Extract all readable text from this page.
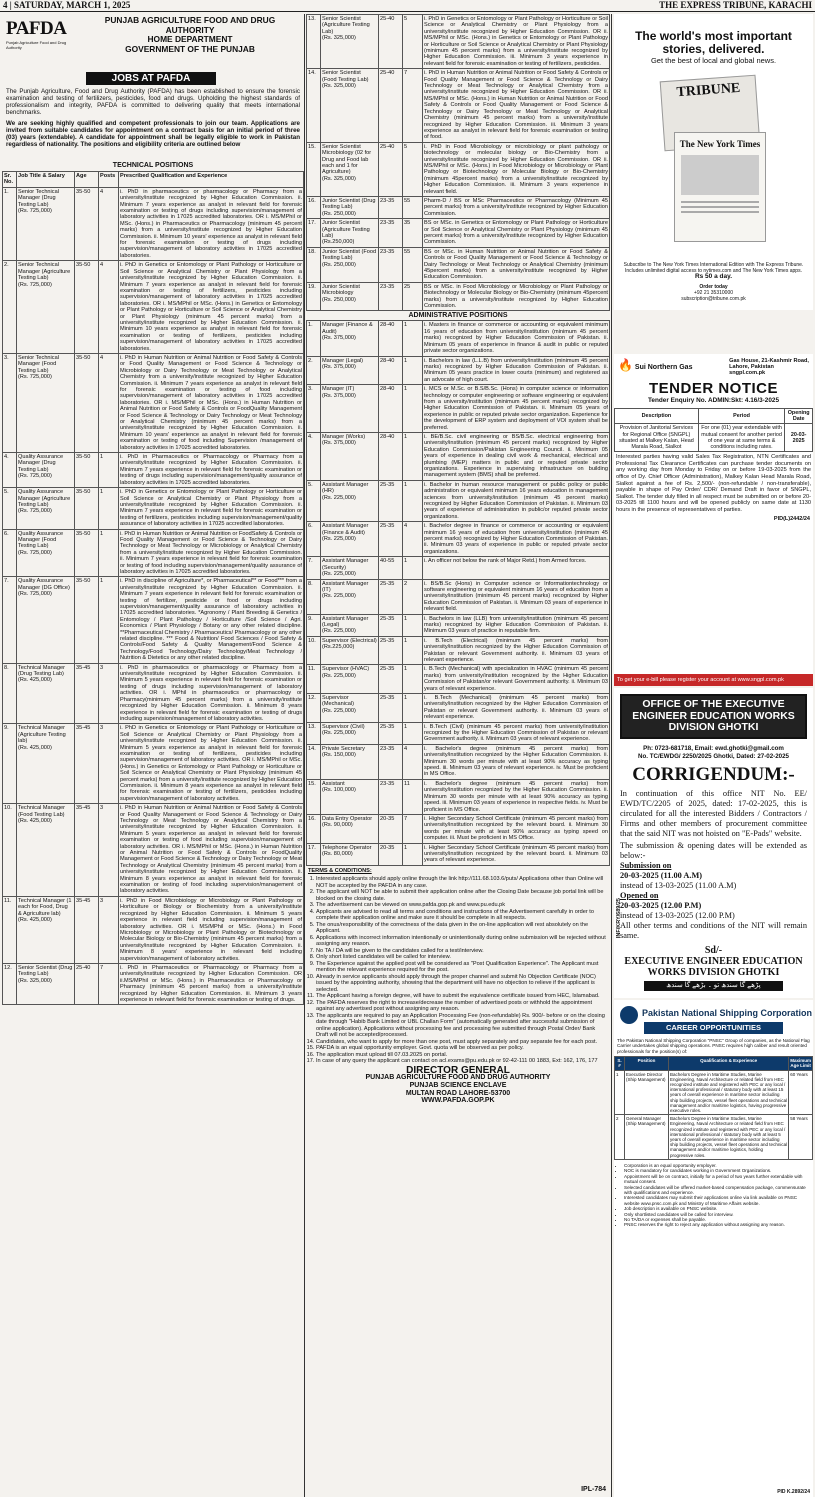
4 | SATURDAY, MARCH 1, 2025	THE EXPRESS TRIBUNE, KARACHI
PAFDA
Punjab Agriculture Food and Drug Authority
PUNJAB AGRICULTURE FOOD AND DRUG
AUTHORITY
HOME DEPARTMENT
GOVERNMENT OF THE PUNJAB
JOBS AT PAFDA

The Punjab Agriculture, Food and Drug Authority (PAFDA) has been established to ensure the forensic examination and testing of fertilizers, pesticides, food and drugs. Upholding the highest standards of professionalism and integrity, PAFDA is committed to delivering quality that meets international benchmarks.

We are seeking highly qualified and competent professionals to join our team. Applications are invited from suitable candidates for appointment on a contract basis for an initial period of three (03) years (extendable). A candidate for appointment shall be legally eligible to work in Pakistan regardless of nationality. The positions and eligibility criteria are outlined below

TECHNICAL POSITIONS
Sr. No.	Job Title & Salary	Age	Posts	Prescribed Qualification and Experience
1.	Senior Technical Manager (Drug Testing Lab)
(Rs. 725,000)	35-50	4	i. PhD in pharmaceutics or pharmacology or Pharmacy from a university/institute recognized by Higher Education Commission. ii. Minimum 7 years experience as analyst in relevant field for forensic examination or testing of drugs including supervision/management of laboratory activities in 17025 accredited laboratories. OR i. MS/MPhil or MSc. (Hons.) in Pharmaceutics or Pharmacology (minimum 45 percent marks) from a university/institute recognized by Higher Education Commission. ii. Minimum 10 years' experience as analyst in relevant field for forensic examination or testing of drugs including supervision/management of laboratory activities in 17025 accredited laboratories.
2.	Senior Technical Manager (Agriculture Testing Lab)
(Rs. 725,000)	35-50	4	i. PhD in Genetics or Entomology or Plant Pathology or Horticulture or Soil Science or Analytical Chemistry or Plant Physiology from a university/institute recognized by Higher Education Commission. ii. Minimum 7 years experience as analyst in relevant field for forensic examination or testing of fertilizers, pesticides including supervision/management of laboratory activities in 17025 accredited laboratories. OR i. MS/MPhil or MSc. (Hons.) in Genetics or Entomology or Plant Pathology or Horticulture or Soil Science or Analytical Chemistry or Plant Physiology (minimum 45 percent marks) from a university/institute recognized by Higher Education Commission. ii. Minimum 10 years experience as analyst in relevant field for forensic examination or testing of fertilizers, pesticides including supervision/management of laboratory activities in 17025 accredited laboratories.
3.	Senior Technical Manager (Food Testing Lab)
(Rs. 725,000)	35-50	4	i. PhD in Human Nutrition or Animal Nutrition or Food Safety & Controls or Food Quality Management or Food Science & Technology or Microbiology or Dairy Technology or Meat Technology or Analytical Chemistry from a university/institute recognized by Higher Education Commission. ii. Minimum 7 years experience as analyst in relevant field for forensic examination or testing of food including supervision/management of laboratory activities in 17025 accredited laboratories. OR i. MS/MPhil or MSc. (Hons.) in Human Nutrition or Animal Nutrition or Food Safety & Controls or FoodQuality Management or Food Science & Technology or Dairy Technology or Meat Technology or Analytical Chemistry (minimum 45 percent marks) from a university/institute recognized by Higher Education Commission. ii. Minimum 10 years' experience as analyst in relevant field for forensic examination or testing of food including Supervision /management of laboratory activities in 17025 accredited laboratories.
4.	Quality Assurance Manager (Drug Testing Lab)
(Rs. 725,000)	35-50	1	i. PhD in Pharmaceutics or Pharmacology or Pharmacy from a university/institute recognized by Higher Education Commission. ii. Minimum 7 years experience in relevant field for forensic examination or testing of drugs including supervision/management/quality assurance of laboratory activities in 17025 accredited laboratories.
5.	Quality Assurance Manager (Agriculture Testing Lab)
(Rs. 725,000)	35-50	1	i. PhD in Genetics or Entomology or Plant Pathology or Horticulture or Soil Science or Analytical Chemistry or Plant Physiology from a university/institute recognized by Higher Education Commission. ii. Minimum 7 years experience in relevant field for forensic examination or testing of fertilizers, pesticides including supervision/management/quality assurance of laboratory activities in 17025 accredited laboratories.
6.	Quality Assurance Manager (Food Testing Lab)
(Rs. 725,000)	35-50	1	i. PhD in Human Nutrition or Animal Nutrition or FoodSafety & Controls or Food Quality Management or Food Science & Technology or Dairy Technology or Meat Technology or Microbiology or Analytical Chemistry from a university/institute recognized by Higher Education Commission. ii. Minimum 7 years experience in relevant field for forensic examination or testing of food including supervision/management/quality assurance of laboratory activities in 17025 accredited laboratories.
7.	Quality Assurance Manager (DG Office)
(Rs. 725,000)	35-50	1	i. PhD in discipline of Agriculture*, or Pharmaceutical** or Food*** from a university/institute recognized by Higher Education Commission. ii. Minimum 7 years experience in relevant field for forensic examination or testing of fertilizer, pesticide or food or drugs including supervision/management/quality assurance of laboratory activities in 17025 accredited laboratories. *Agronomy / Plant Breeding & Genetics / Entomology / Plant Pathology / Horticulture /Soil Science / Agri. Economics / Plant Physiology / Botany or any other related discipline. **Pharmaceutical Chemistry / Pharmaceutics/ Pharmacology or any other related discipline. *** Food & Nutrition/ Food Sciences / Food Safety & Controls/Food Safety & Quality Management/Food Science & Technology/Food Technology/Dairy Technology/Meat Technology / Nutrition & Dietetics or any other related discipline.
8.	Technical Manager (Drug Testing Lab)
(Rs. 425,000)	35-45	3	i. PhD in pharmaceutics or pharmacology or Pharmacy from a university/institute recognized by Higher Education Commission. ii. Minimum 5 years experience in relevant field for forensic examination or testing of drugs including supervision/management of laboratory activities. OR i. MPhil in pharmaceutics or pharmacology or Pharmacy(minimum 45 percent marks) from a university/institute recognized by Higher Education Commission. ii. Minimum 8 years experience in relevant field for forensic examination or testing of drugs including supervision/management of laboratory activities.
9.	Technical Manager (Agriculture Testing lab)
(Rs. 425,000)	35-45	3	i. PhD in Genetics or Entomology or Plant Pathology or Horticulture or Soil Science or Analytical Chemistry or Plant Physiology from a university/institute recognized by Higher Education Commission. ii. Minimum 5 years experience as analyst in relevant field for forensic examination or testing of fertilizers, pesticides including supervision/management of laboratory activities. OR i. MS/MPhil or MSc. (Hons.) in Genetics or Entomology or Plant Pathology or Horticulture or Soil Science or Analytical Chemistry or Plant Physiology (minimum 45 percent marks) from a university/institute recognized by Higher Education Commission. ii. Minimum 8 years experience as analyst in relevant field for forensic examination or testing of fertilizers, pesticides including supervision/management of laboratory activities.
10.	Technical Manager (Food Testing Lab)
(Rs. 425,000)	35-45	3	i. PhD in Human Nutrition or Animal Nutrition or Food Safety & Controls or Food Quality Management or Food Science & Technology or Dairy Technology or Meat Technology or Analytical Chemistry from a university/institute recognized by Higher Education Commission. ii. Minimum 5 years experience as analyst in relevant field for forensic examination or testing of food including supervision/management of laboratory activities. OR i. MS/MPhil or MSc. (Hons.) in Human Nutrition or Animal Nutrition or Food Safety & Controls or FoodQuality Management or Food Science & Technology or Dairy Technology or Meat Technology or Analytical Chemistry (minimum 45 percent marks) from a university/institute recognized by Higher Education Commission. ii. Minimum 8 years experience as analyst in relevant field for forensic examination or testing of food including supervision/management of laboratory activities.
11.	Technical Manager (1 each for Food, Drug & Agriculture lab)
(Rs. 425,000)	35-45	3	i. PhD in Food Microbiology or Microbiology or Plant Pathology or Horticulture or Biology or Biochemistry from a university/institute recognized by Higher Education Commission. ii. Minimum 5 years experience in relevant field including supervision/management of laboratory activities. OR i. MS/MPhil or MSc. (Hons.) in Food Microbiology or Microbiology or Plant Pathology or Biotechnology or Molecular Biology or Bio-Chemistry (minimum 45 percent marks) from a university/institute recognized by Higher Education Commission. ii. Minimum 8 years' experience in relevant field including supervision/management of laboratory activities.
12.	Senior Scientist (Drug Testing Lab)
(Rs. 325,000)	25-40	7	i. PhD in Pharmaceutics or Pharmacology or Pharmacy from a university/institute recognized by Higher Education Commission. OR ii.MS/MPhil or MSc. (Hons.) in Pharmaceutics or Pharmacology or Pharmacy (minimum 45 percent marks) from a university/institute recognized by Higher Education Commission. iii. Minimum 3 years experience in relevant field for forensic examination or testing of drugs.
13.	Senior Scientist (Agriculture Testing Lab)
(Rs. 325,000)	25-40	5	i. PhD in Genetics or Entomology or Plant Pathology or Horticulture or Soil Science or Analytical Chemistry or Plant Physiology from a university/institute recognized by Higher Education Commission. OR ii. MS/MPhil or MSc. (Hons.) in Genetics or Entomology or Plant Pathology or Horticulture or Soil Science or Analytical Chemistry or Plant Physiology (minimum 45 percent marks) from a university/institute recognized by Higher Education Commission. iii. Minimum 3 years experience in relevant field for forensic examination or testing of fertilizers, pesticides.
14.	Senior Scientist (Food Testing Lab)
(Rs. 325,000)	25-40	7	i. PhD in Human Nutrition or Animal Nutrition or Food Safety & Controls or Food Quality Management or Food Science & Technology or Dairy Technology or Meat Technology or Analytical Chemistry from a university/institute recognized by Higher Education Commission. OR ii. MS/MPhil or MSc. (Hons.) in Human Nutrition or Animal Nutrition or Food Safety & Controls or Food Quality Management or Food Science & Technology or Dairy Technology or Meat Technology or Analytical Chemistry (minimum 45 percent marks) from a university/institute recognized by Higher Education Commission. iii. Minimum 3 years experience as analyst in relevant field for forensic examination or testing of food.
15.	Senior Scientist Microbiology (02 for Drug and Food lab each and 1 for Agriculture)
(Rs. 325,000)	25-40	5	i. PhD in Food Microbiology or microbiology or plant pathology or biotechnology or molecular biology or Bio-Chemistry from a university/institute recognized by Higher Education Commission. OR ii. MS/MPhil or MSc. (Hons.) in Food Microbiology or Microbiology or Plant Pathology or Biotechnology or Molecular Biology or Bio-Chemistry (minimum 45percent marks) from a university/institute recognized by Higher Education Commission. iii. Minimum 3 years experience in relevant field.
16.	Junior Scientist (Drug Testing Lab)
(Rs. 250,000)	23-35	55	Pharm-D / BS or MSc Pharmaceutics or Pharmacology (Minimum 45 percent marks) from a university/institute recognized by Higher Education Commission.
17.	Junior Scientist (Agriculture Testing Lab)
(Rs.250,000)	23-35	35	BS or MSc. in Genetics or Entomology or Plant Pathology or Horticulture or Soil Science or Analytical Chemistry or Plant Physiology (minimum 45 percent marks) from a university/institute recognized by Higher Education Commission.
18.	Junior Scientist (Food Testing Lab)
(Rs. 250,000)	23-35	55	BS or MSc. in Human Nutrition or Animal Nutrition or Food Safety & Controls or Food Quality Management or Food Science & Technology or Dairy Technology or Meat Technology or Analytical Chemistry (minimum 45percent marks) from a university/institute recognized by Higher Education Commission.
19.	Junior Scientist Microbiology
(Rs. 250,000)	23-35	25	BS or MSc. in Food Microbiology or Microbiology or Plant Pathology or Biotechnology or Molecular Biology or Bio-Chemistry (minimum 45percent marks) from a university/institute recognized by Higher Education Commission.
ADMINISTRATIVE POSITIONS
1.	Manager (Finance & Audit)
(Rs. 375,000)	28-40	1	i. Masters in finance or commerce or accounting or equivalent minimum 16 years of education from university/institution (minimum 45 percent marks) recognized by Higher Education Commission of Pakistan. ii. Minimum 05 years of experience in finance & audit in public or reputed private sector organizations.
2.	Manager (Legal)
(Rs. 375,000)	28-40	1	i. Bachelors in law (L.L.B) from university/institution (minimum 45 percent marks) recognized by Higher Education Commission of Pakistan. ii. Minimum 05 years practice in lower courts (minimum) and registered as an advocate of high court.
3.	Manager (IT)
(Rs. 375,000)	28-40	1	i. MCS or M.Sc. or B.S/B.Sc. (Hons) in computer science or information technology or computer engineering or software engineering or equivalent from a university/institution (minimum 45 percent marks) recognized by Higher Education Commission of Pakistan. ii. Minimum 05 years of experience in public or reputed private sector organization. Experience for the development of ERP system and deployment of VOI system shall be preferred.
4.	Manager (Works)
(Rs. 375,000)	28-40	1	i. BE/B.Sc. civil engineering or BS/B.Sc. electrical engineering from university/institution (minimum 45 percent marks) recognized by Higher Education Commission/Pakistan Engineering Council. ii. Minimum 05 years of experience in dealing civil work & mechanical, electrical and plumbing (MEP) matters in public and or reputed private sector organizations. Experience in supervising infrastructure on building management system (BMS) shall be preferred.
5.	Assistant Manager (HR)
(Rs. 225,000)	25-35	1	i. Bachelor in human resource management or public policy or public administration or equivalent minimum 16 years education in management sciences from university/institution (minimum 45 percent marks) recognized by Higher Education Commission of Pakistan. ii. Minimum 03 years of experience of administration in public/or reputed private sector organizations.
6.	Assistant Manager (Finance & Audit)
(Rs. 225,000)	25-35	4	i. Bachelor degree in finance or commerce or accounting or equivalent minimum 16 years of education from university/institution (minimum 45 percent marks) recognized by Higher Education Commission of Pakistan. ii. Minimum 03 years of experience in public or reputed private sector organizations.
7.	Assistant Manager (Security)
(Rs. 225,000)	40-55	1	i. An officer not below the rank of Major Retd.) from Armed forces.
8.	Assistant Manager (IT)
(Rs. 225,000)	25-35	2	i. BS/B.Sc (Hons) in Computer science or Informationtechnology or software engineering or equivalent minimum 16 years of education from a university/institution (minimum 45 percent marks) recognized by Higher Education Commission of Pakistan. ii. Minimum 03 years of experience in relevant field.
9.	Assistant Manager (Legal)
(Rs. 225,000)	25-35	1	i. Bachelors in law (LLB) from university/institution (minimum 45 percent marks) recognized by Higher Education Commission of Pakistan. ii. Minimum 03 years of practice in reputable firm.
10.	Supervisor (Electrical)
(Rs.225,000)	25-35	1	i. B.Tech (Electrical) (minimum 45 percent marks) from university/institution recognized by the Higher Education Commission of Pakistan or relevant Government authority. ii. Minimum 03 years of relevant experience.
11.	Supervisor (HVAC)
(Rs. 225,000)	25-35	1	i. B.Tech (Mechanical) with specialization in HVAC (minimum 45 percent marks) from university/institution recognized by the Higher Education Commission of Pakistan/or relevant Government authority. ii. Minimum 03 years of relevant experience.
12.	Supervisor (Mechanical)
(Rs. 225,000)	25-35	1	i. B.Tech (Mechanical) (minimum 45 percent marks) from university/institution recognized by the Higher Education Commission of Pakistan or relevant Government authority. ii. Minimum 03 years of relevant experience.
13.	Supervisor (Civil)
(Rs. 225,000)	25-35	1	i. B.Tech (Civil) (minimum 45 percent marks) from university/institution recognized by the Higher Education Commission of Pakistan or relevant Government authority. ii. Minimum 03 years of relevant experience.
14.	Private Secretary
(Rs. 150,000)	23-35	4	i. Bachelor's degree (minimum 45 percent marks) from university/institution recognized by the Higher Education Commission. ii. Minimum 30 words per minute with at least 90% accuracy as typing speed. iii. Minimum 03 years of relevant experience. iv. Must be proficient in MS Office.
15.	Assistant
(Rs. 100,000)	23-35	11	i. Bachelor's degree (minimum 45 percent marks) from university/institution recognized by the Higher Education Commission. ii. Minimum 30 words per minute with at least 90% accuracy as typing speed. iii. Minimum 03 years of experience in respective fields. iv. Must be proficient in MS Office.
16.	Data Entry Operator
(Rs. 90,000)	20-35	7	i. Higher Secondary School Certificate (minimum 45 percent marks) from university/institution recognized by the relevant board. ii. Minimum 30 words per minute with at least 90% accuracy as typing speed on computer. iii. Must be proficient in MS Office.
17.	Telephone Operator
(Rs. 80,000)	20-35	1	i. Higher Secondary School Certificate (minimum 45 percent marks) from university/institution recognized by the relevant board. ii. Minimum 03 years of relevant experience.
TERMS & CONDITIONS:
1. Interested applicants should apply online through the link http://111.68.103.6/puts/ Applications other than Online will NOT be accepted by the PAFDA in any case.
2. The applicant will NOT be able to submit their application online after the Closing Date because job portal link will be blocked on the closing date.
3. The advertisement can be viewed on www.pafda.gop.pk and www.pu.edu.pk
4. Applicants are advised to read all terms and conditions and instructions of the Advertisement carefully in order to complete their application online and make sure it should be complete in all respects.
5. The onus/responsibility of the correctness of the data given in the on-line application will rest absolutely on the Applicant.
6. Applications with incorrect information intentionally or unintentionally during online submission will be rejected without assigning any reason.
7. No TA / DA will be given to the candidates called for a test/interview.
8. Only short listed candidates will be called for interview.
9. The Experience against the applied post will be considered as "Post Qualification Experience". The Applicant must mention the relevant experience required for the post.
10. Already in service applicants should apply through the proper channel and submit No Objection Certificate (NOC) issued by the appointing authority, showing that the department will have no objection to relieve if the applicant is selected.
11. The Applicant having a foreign degree, will have to submit the equivalence certificate issued from HEC, Islamabad.
12. The PAFDA reserves the right to increase/decrease the number of advertised posts or withhold the appointment against any advertised post without assigning any reason.
13. The applicants are required to pay an Application Processing Fee (non-refundable) Rs. 900/- before or on the closing date through "Habib Bank Limited or UBL Challan Form" (automatically generated after successful submission of online application). Applications without processing fee and processing fee submitted through Postal Order/ Bank Draft will not be accepted/processed.
14. Candidates, who want to apply for more than one post, must apply separately and pay separate fee for each post.
15. PAFDA is an equal opportunity employer. Govt. quota will be observed as per policy.
16. The application must upload till 07.03.2025 on portal.
17. In case of any query the applicant can contact on acl.exams@pu.edu.pk or 92-42-111 00 1883, Ext: 162, 176, 177
DIRECTOR GENERAL
PUNJAB AGRICULTURE FOOD AND DRUG AUTHORITY
PUNJAB SCIENCE ENCLAVE
MULTAN ROAD LAHORE-53700
WWW.PAFDA.GOP.PK
IPL-784
The world's most important stories, delivered.
Get the best of local and global news.
TRIBUNE
The New York Times
Subscribe to The New York Times International Edition with The Express Tribune.
Includes unlimited digital access to nytimes.com and The New York Times apps.
Rs 50 a day.
Order today
+92 21 35310000
subscription@tribune.com.pk
🔥 Sui Northern Gas
Gas House, 21-Kashmir Road,
Lahore, Pakistan
sngpl.com.pk
TENDER NOTICE
Tender Enquiry No. ADMIN:Skt: 4.16/3-2025
Description	Period	Opening Date
Provision of Janitorial Services for Regional Office (SNGPL) situated at Malkey Kalan, Head Marala Road, Sialkot	For one (01) year extendable with mutual consent for another period of one year at same terms & conditions including rates.	20-03-2025
Interested parties having valid Sales Tax Registration, NTN Certificates and Professional Tax Clearance Certificates can purchase tender documents on any working day from Monday to Friday on or before 19-03-2025 from the office of Dy. Chief Officer (Administration), Malkey Kalan Head Marala Road, Sialkot against a fee of Rs. 2,500/- (non-refundable / non-transferable), payable in shape of Pay Order/ CDR/ Demand Draft in favor of SNGPL, Sialkot. The tender duly filled in all respect must be submitted on or before 20-03-2025 till 1100 hours and will be opened publicly on same date at 1130 hours in the presence of representatives of parties.
PID(L)2442/24
To get your e-bill please register your account at www.sngpl.com.pk
OFFICE OF THE EXECUTIVE ENGINEER EDUCATION WORKS DIVISION GHOTKI
Ph: 0723-681718, Email: ewd.ghotki@gmail.com
No. TC/EWDG/ 2250/2025 Ghotki, Dated: 27-02-2025
CORRIGENDUM:-
In continuation of this office NIT No. EE/ EWD/TC/2205 of 2025, dated: 17-02-2025, this is circulated for all the interested Bidders / Contractors / Firms and other members of procurement committee that the said NIT was not hoisted on "E-Pads" website.
The submission & opening dates will be extended as below:-
Submission on
20-03-2025 (11.00 A.M)
instead of 13-03-2025 (11.00 A.M)
Opened on
20-03-2025 (12.00 P.M)
instead of 13-03-2025 (12.00 P.M)
All other terms and conditions of the NIT will remain same.
Sd/-
EXECUTIVE ENGINEER EDUCATION WORKS DIVISION GHOTKI
پڑھے گا سندھ تو ۔ بڑھے گا سندھ
INF/KRY/689/25
Pakistan National Shipping Corporation
CAREER OPPORTUNITIES
The Pakistan National Shipping Corporation "PNSC" Group of companies, as the National Flag Carrier undertakes global shipping operations. PNSC requires high caliber and result oriented professionals for the position(s) of:
S. #	Position	Qualification & Experience	Maximum Age Limit
1	Executive Director (Ship Management)	Bachelors Degree in Maritime Studies, Marine Engineering, Naval Architecture or related field from HEC recognized institute and registered with PEC or any local / international professional / statutory body with at least 15 years of overall experience in maritime sector including ship building projects, vessel fleet operations and technical management and/or maritime logistics, having progressive executive roles.	60 Years
2	General Manager (Ship Management)	Bachelors Degree in Maritime Studies, Marine Engineering, Naval Architecture or related field from HEC recognized institute and registered with PEC or any local / international professional / statutory body with at least 5 years of overall experience in maritime sector including ship building projects, vessel fleet operations and technical management and/or maritime logistics, holding progressive roles.	58 Years
• Corporation is an equal opportunity employer.
• NOC is mandatory for candidates working in Government Organizations.
• Appointment will be on contract, initially for a period of two years further extendable with mutual consent.
• Selected candidates will be offered market-based compensation package, commensurate with qualifications and experience.
• Interested candidates may submit their applications online via link available on PNSC website www.pnsc.com.pk and Ministry of Maritime Affairs website.
• Job description is available on PNSC website.
• Only shortlisted candidates will be called for interview.
• No TA/DA or expenses shall be payable.
• PNSC reserves the right to reject any application without assigning any reason.
PID K.2892/24
